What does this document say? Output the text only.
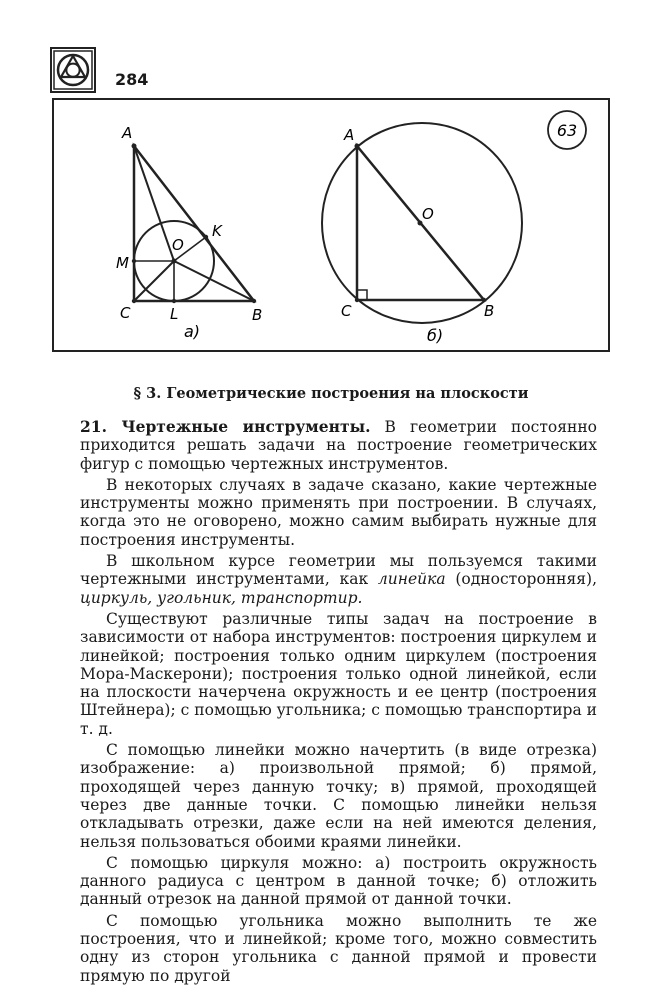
284
A
K
O
M
C	L	B
а)
A
O
C	B
б)
63
§ 3. Геометрические построения на плоскости

21. Чертежные инструменты. В геометрии постоянно приходится решать задачи на построение геометрических фигур с помощью чертежных инструментов.

В некоторых случаях в задаче сказано, какие чертежные инструменты можно применять при построении. В случаях, когда это не оговорено, можно самим выбирать нужные для построения инструменты.

В школьном курсе геометрии мы пользуемся такими чертежными инструментами, как линейка (односторонняя), циркуль, угольник, транспортир.

Существуют различные типы задач на построение в зависимости от набора инструментов: построения циркулем и линейкой; построения только одним циркулем (построения Мора-Маскерони); построения только одной линейкой, если на плоскости начерчена окружность и ее центр (построения Штейнера); с помощью угольника; с помощью транспортира и т. д.

С помощью линейки можно начертить (в виде отрезка) изображение: а) произвольной прямой; б) прямой, проходящей через данную точку; в) прямой, проходящей через две данные точки. С помощью линейки нельзя откладывать отрезки, даже если на ней имеются деления, нельзя пользоваться обоими краями линейки.

С помощью циркуля можно: а) построить окружность данного радиуса с центром в данной точке; б) отложить данный отрезок на данной прямой от данной точки.

С помощью угольника можно выполнить те же построения, что и линейкой; кроме того, можно совместить одну из сторон угольника с данной прямой и провести прямую по другой
